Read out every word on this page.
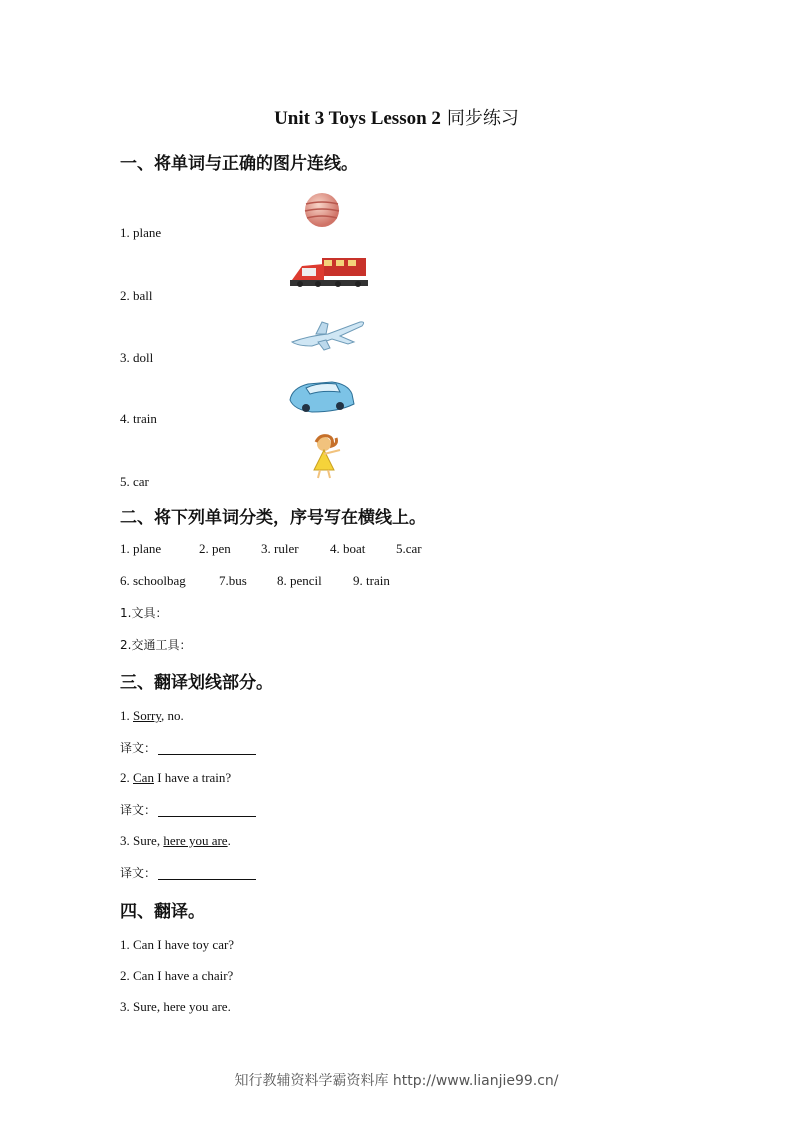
Unit 3 Toys Lesson 2 同步练习
一、将单词与正确的图片连线。
1. plane
2. ball
3. doll
4. train
5. car
二、将下列单词分类，序号写在横线上。
1. plane	2. pen 3. ruler 4. boat 5.car
6. schoolbag	7.bus 8. pencil 9. train
1.文具：
2.交通工具：
三、翻译划线部分。
1. Sorry, no.
译文：
2. Can I have a train?
译文：
3. Sure, here you are.
译文：
四、翻译。
1. Can I have toy car?
2. Can I have a chair?
3. Sure, here you are.
知行教辅资料学霸资料库 http://www.lianjie99.cn/
